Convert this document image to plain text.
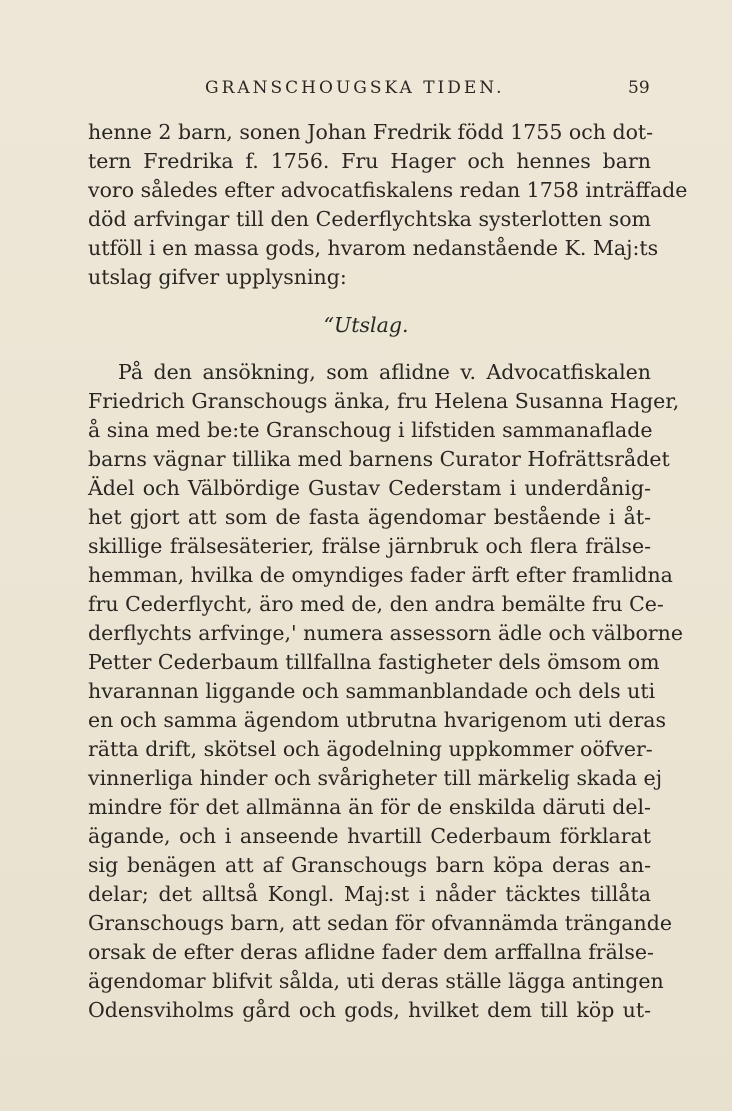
GRANSCHOUGSKA TIDEN.	59
henne 2 barn, sonen Johan Fredrik född 1755 och dot-
tern Fredrika f. 1756. Fru Hager och hennes barn
voro således efter advocatfiskalens redan 1758 inträffade
död arfvingar till den Cederflychtska systerlotten som
utföll i en massa gods, hvarom nedanstående K. Maj:ts
utslag gifver upplysning:
“Utslag.
På den ansökning, som aflidne v. Advocatfiskalen
Friedrich Granschougs änka, fru Helena Susanna Hager,
å sina med be:te Granschoug i lifstiden sammanaflade
barns vägnar tillika med barnens Curator Hofrättsrådet
Ädel och Välbördige Gustav Cederstam i underdånig-
het gjort att som de fasta ägendomar bestående i åt-
skillige frälsesäterier, frälse järnbruk och flera frälse-
hemman, hvilka de omyndiges fader ärft efter framlidna
fru Cederflycht, äro med de, den andra bemälte fru Ce-
derflychts arfvinge,' numera assessorn ädle och välborne
Petter Cederbaum tillfallna fastigheter dels ömsom om
hvarannan liggande och sammanblandade och dels uti
en och samma ägendom utbrutna hvarigenom uti deras
rätta drift, skötsel och ägodelning uppkommer oöfver-
vinnerliga hinder och svårigheter till märkelig skada ej
mindre för det allmänna än för de enskilda däruti del-
ägande, och i anseende hvartill Cederbaum förklarat
sig benägen att af Granschougs barn köpa deras an-
delar; det alltså Kongl. Maj:st i nåder täcktes tillåta
Granschougs barn, att sedan för ofvannämda trängande
orsak de efter deras aflidne fader dem arffallna frälse-
ägendomar blifvit sålda, uti deras ställe lägga antingen
Odensviholms gård och gods, hvilket dem till köp ut-
